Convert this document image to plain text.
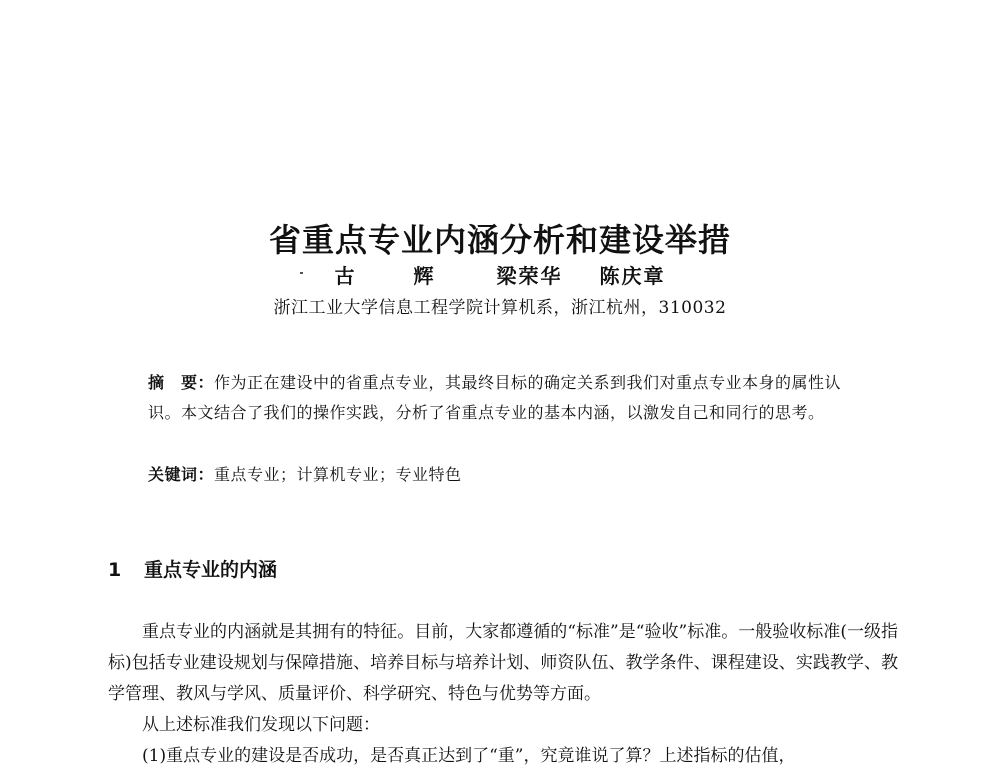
省重点专业内涵分析和建设举措
古 辉 梁荣华 陈庆章
浙江工业大学信息工程学院计算机系，浙江杭州，310032

摘　要：作为正在建设中的省重点专业，其最终目标的确定关系到我们对重点专业本身的属性认识。本文结合了我们的操作实践，分析了省重点专业的基本内涵，以激发自己和同行的思考。

关键词：重点专业；计算机专业；专业特色

1 重点专业的内涵

重点专业的内涵就是其拥有的特征。目前，大家都遵循的“标准”是“验收”标准。一般验收标准(一级指标)包括专业建设规划与保障措施、培养目标与培养计划、师资队伍、教学条件、课程建设、实践教学、教学管理、教风与学风、质量评价、科学研究、特色与优势等方面。

从上述标准我们发现以下问题：

(1)重点专业的建设是否成功，是否真正达到了“重”，究竟谁说了算？上述指标的估值，
